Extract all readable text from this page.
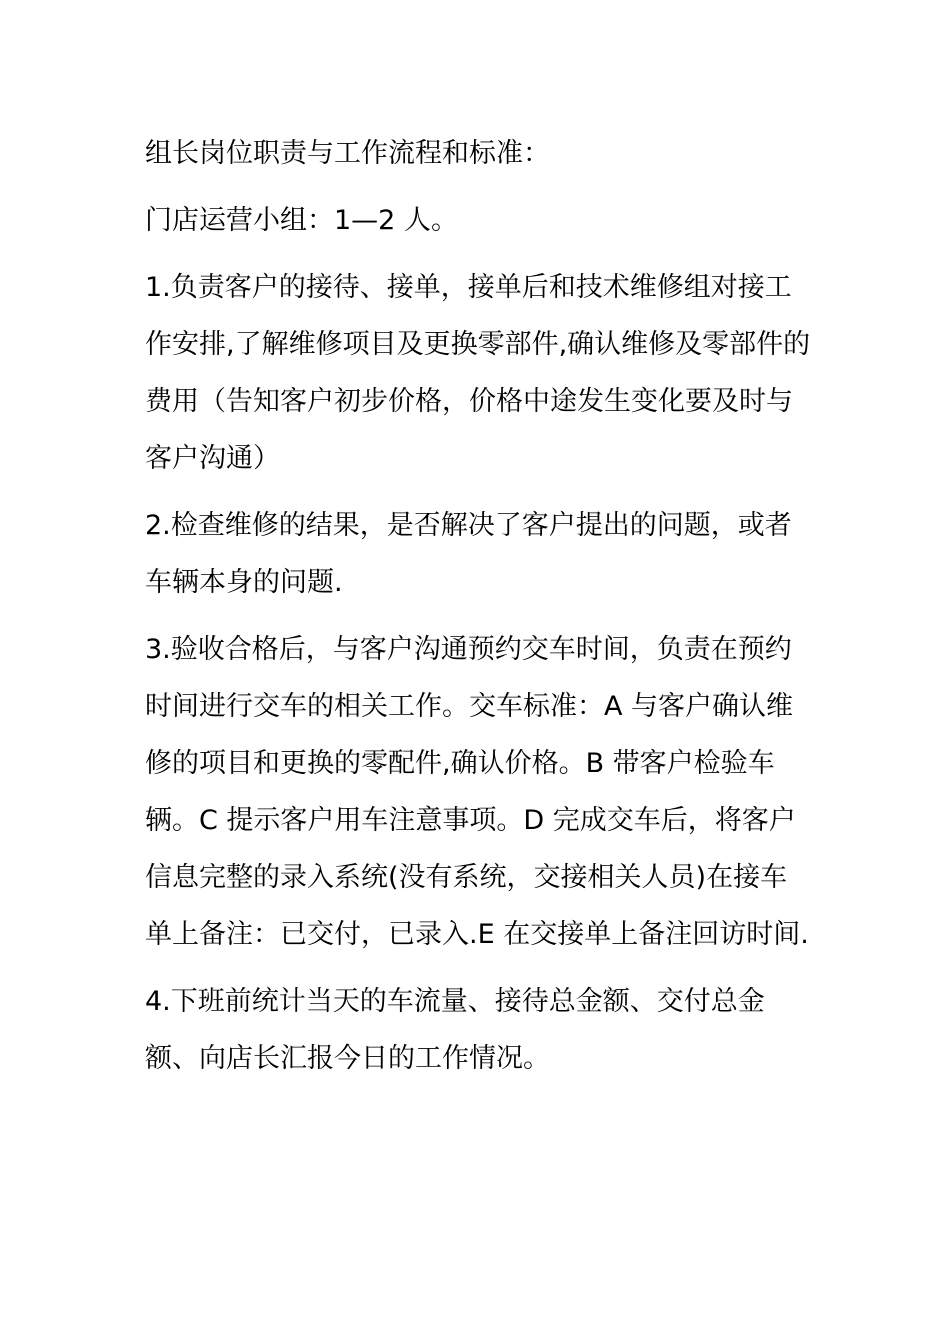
组长岗位职责与工作流程和标准：

门店运营小组：1—2 人。

1.负责客户的接待、接单，接单后和技术维修组对接工作安排,了解维修项目及更换零部件,确认维修及零部件的费用（告知客户初步价格，价格中途发生变化要及时与客户沟通）

2.检查维修的结果，是否解决了客户提出的问题，或者车辆本身的问题.

3.验收合格后，与客户沟通预约交车时间，负责在预约时间进行交车的相关工作。交车标准：A 与客户确认维修的项目和更换的零配件,确认价格。B 带客户检验车辆。C 提示客户用车注意事项。D 完成交车后，将客户信息完整的录入系统(没有系统，交接相关人员)在接车单上备注：已交付，已录入.E 在交接单上备注回访时间.

4.下班前统计当天的车流量、接待总金额、交付总金额、向店长汇报今日的工作情况。
